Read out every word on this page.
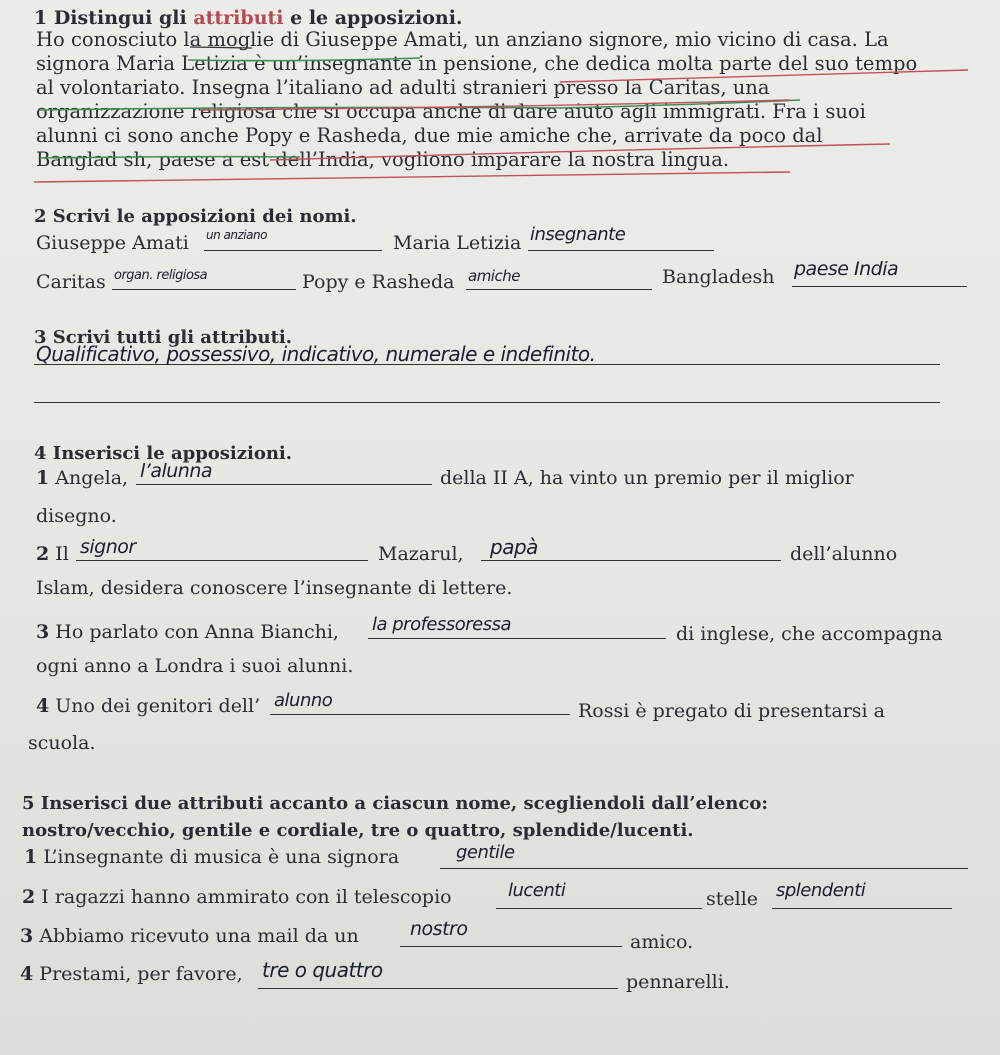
1 Distingui gli attributi e le apposizioni.
Ho conosciuto la moglie di Giuseppe Amati, un anziano signore, mio vicino di casa. La
signora Maria Letizia è un’insegnante in pensione, che dedica molta parte del suo tempo
al volontariato. Insegna l’italiano ad adulti stranieri presso la Caritas, una
organizzazione religiosa che si occupa anche di dare aiuto agli immigrati. Fra i suoi
alunni ci sono anche Popy e Rasheda, due mie amiche che, arrivate da poco dal
Banglad sh, paese a est dell’India, vogliono imparare la nostra lingua.
2 Scrivi le apposizioni dei nomi.
Giuseppe Amati un anziano	Maria Letizia insegnante
Caritas organ. religiosa	Popy e Rasheda amiche	Bangladesh paese India
3 Scrivi tutti gli attributi.
Qualificativo, possessivo, indicativo, numerale e indefinito.
4 Inserisci le apposizioni.
1 Angela, l’alunna	della II A, ha vinto un premio per il miglior
disegno.
2 Il signor	Mazarul, papà	dell’alunno
Islam, desidera conoscere l’insegnante di lettere.
3 Ho parlato con Anna Bianchi, la professoressa	di inglese, che accompagna
ogni anno a Londra i suoi alunni.
4 Uno dei genitori dell’ alunno	Rossi è pregato di presentarsi a
scuola.
5 Inserisci due attributi accanto a ciascun nome, scegliendoli dall’elenco:
nostro/vecchio, gentile e cordiale, tre o quattro, splendide/lucenti.
1 L’insegnante di musica è una signora	gentile
2 I ragazzi hanno ammirato con il telescopio	lucenti	stelle splendenti
3 Abbiamo ricevuto una mail da un	nostro
amico.
4 Prestami, per favore, tre o quattro	pennarelli.
